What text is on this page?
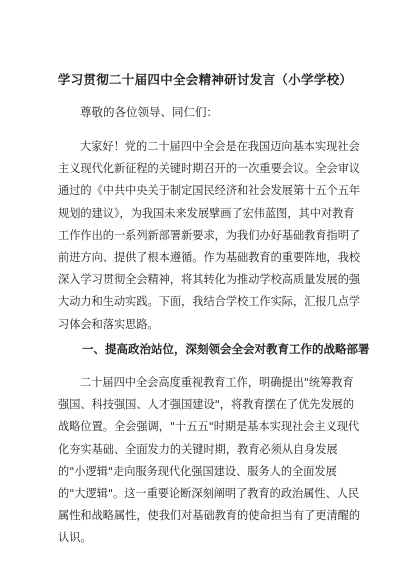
学习贯彻二十届四中全会精神研讨发言（小学学校）
尊敬的各位领导、同仁们：

大家好！党的二十届四中全会是在我国迈向基本实现社会主义现代化新征程的关键时期召开的一次重要会议。全会审议通过的《中共中央关于制定国民经济和社会发展第十五个五年规划的建议》，为我国未来发展擘画了宏伟蓝图，其中对教育工作作出的一系列新部署新要求，为我们办好基础教育指明了前进方向、提供了根本遵循。作为基础教育的重要阵地，我校深入学习贯彻全会精神，将其转化为推动学校高质量发展的强大动力和生动实践。下面，我结合学校工作实际，汇报几点学习体会和落实思路。

一、提高政治站位，深刻领会全会对教育工作的战略部署

二十届四中全会高度重视教育工作，明确提出"统筹教育强国、科技强国、人才强国建设"，将教育摆在了优先发展的战略位置。全会强调，"十五五"时期是基本实现社会主义现代化夯实基础、全面发力的关键时期，教育必须从自身发展的"小逻辑"走向服务现代化强国建设、服务人的全面发展的"大逻辑"。这一重要论断深刻阐明了教育的政治属性、人民属性和战略属性，使我们对基础教育的使命担当有了更清醒的认识。
